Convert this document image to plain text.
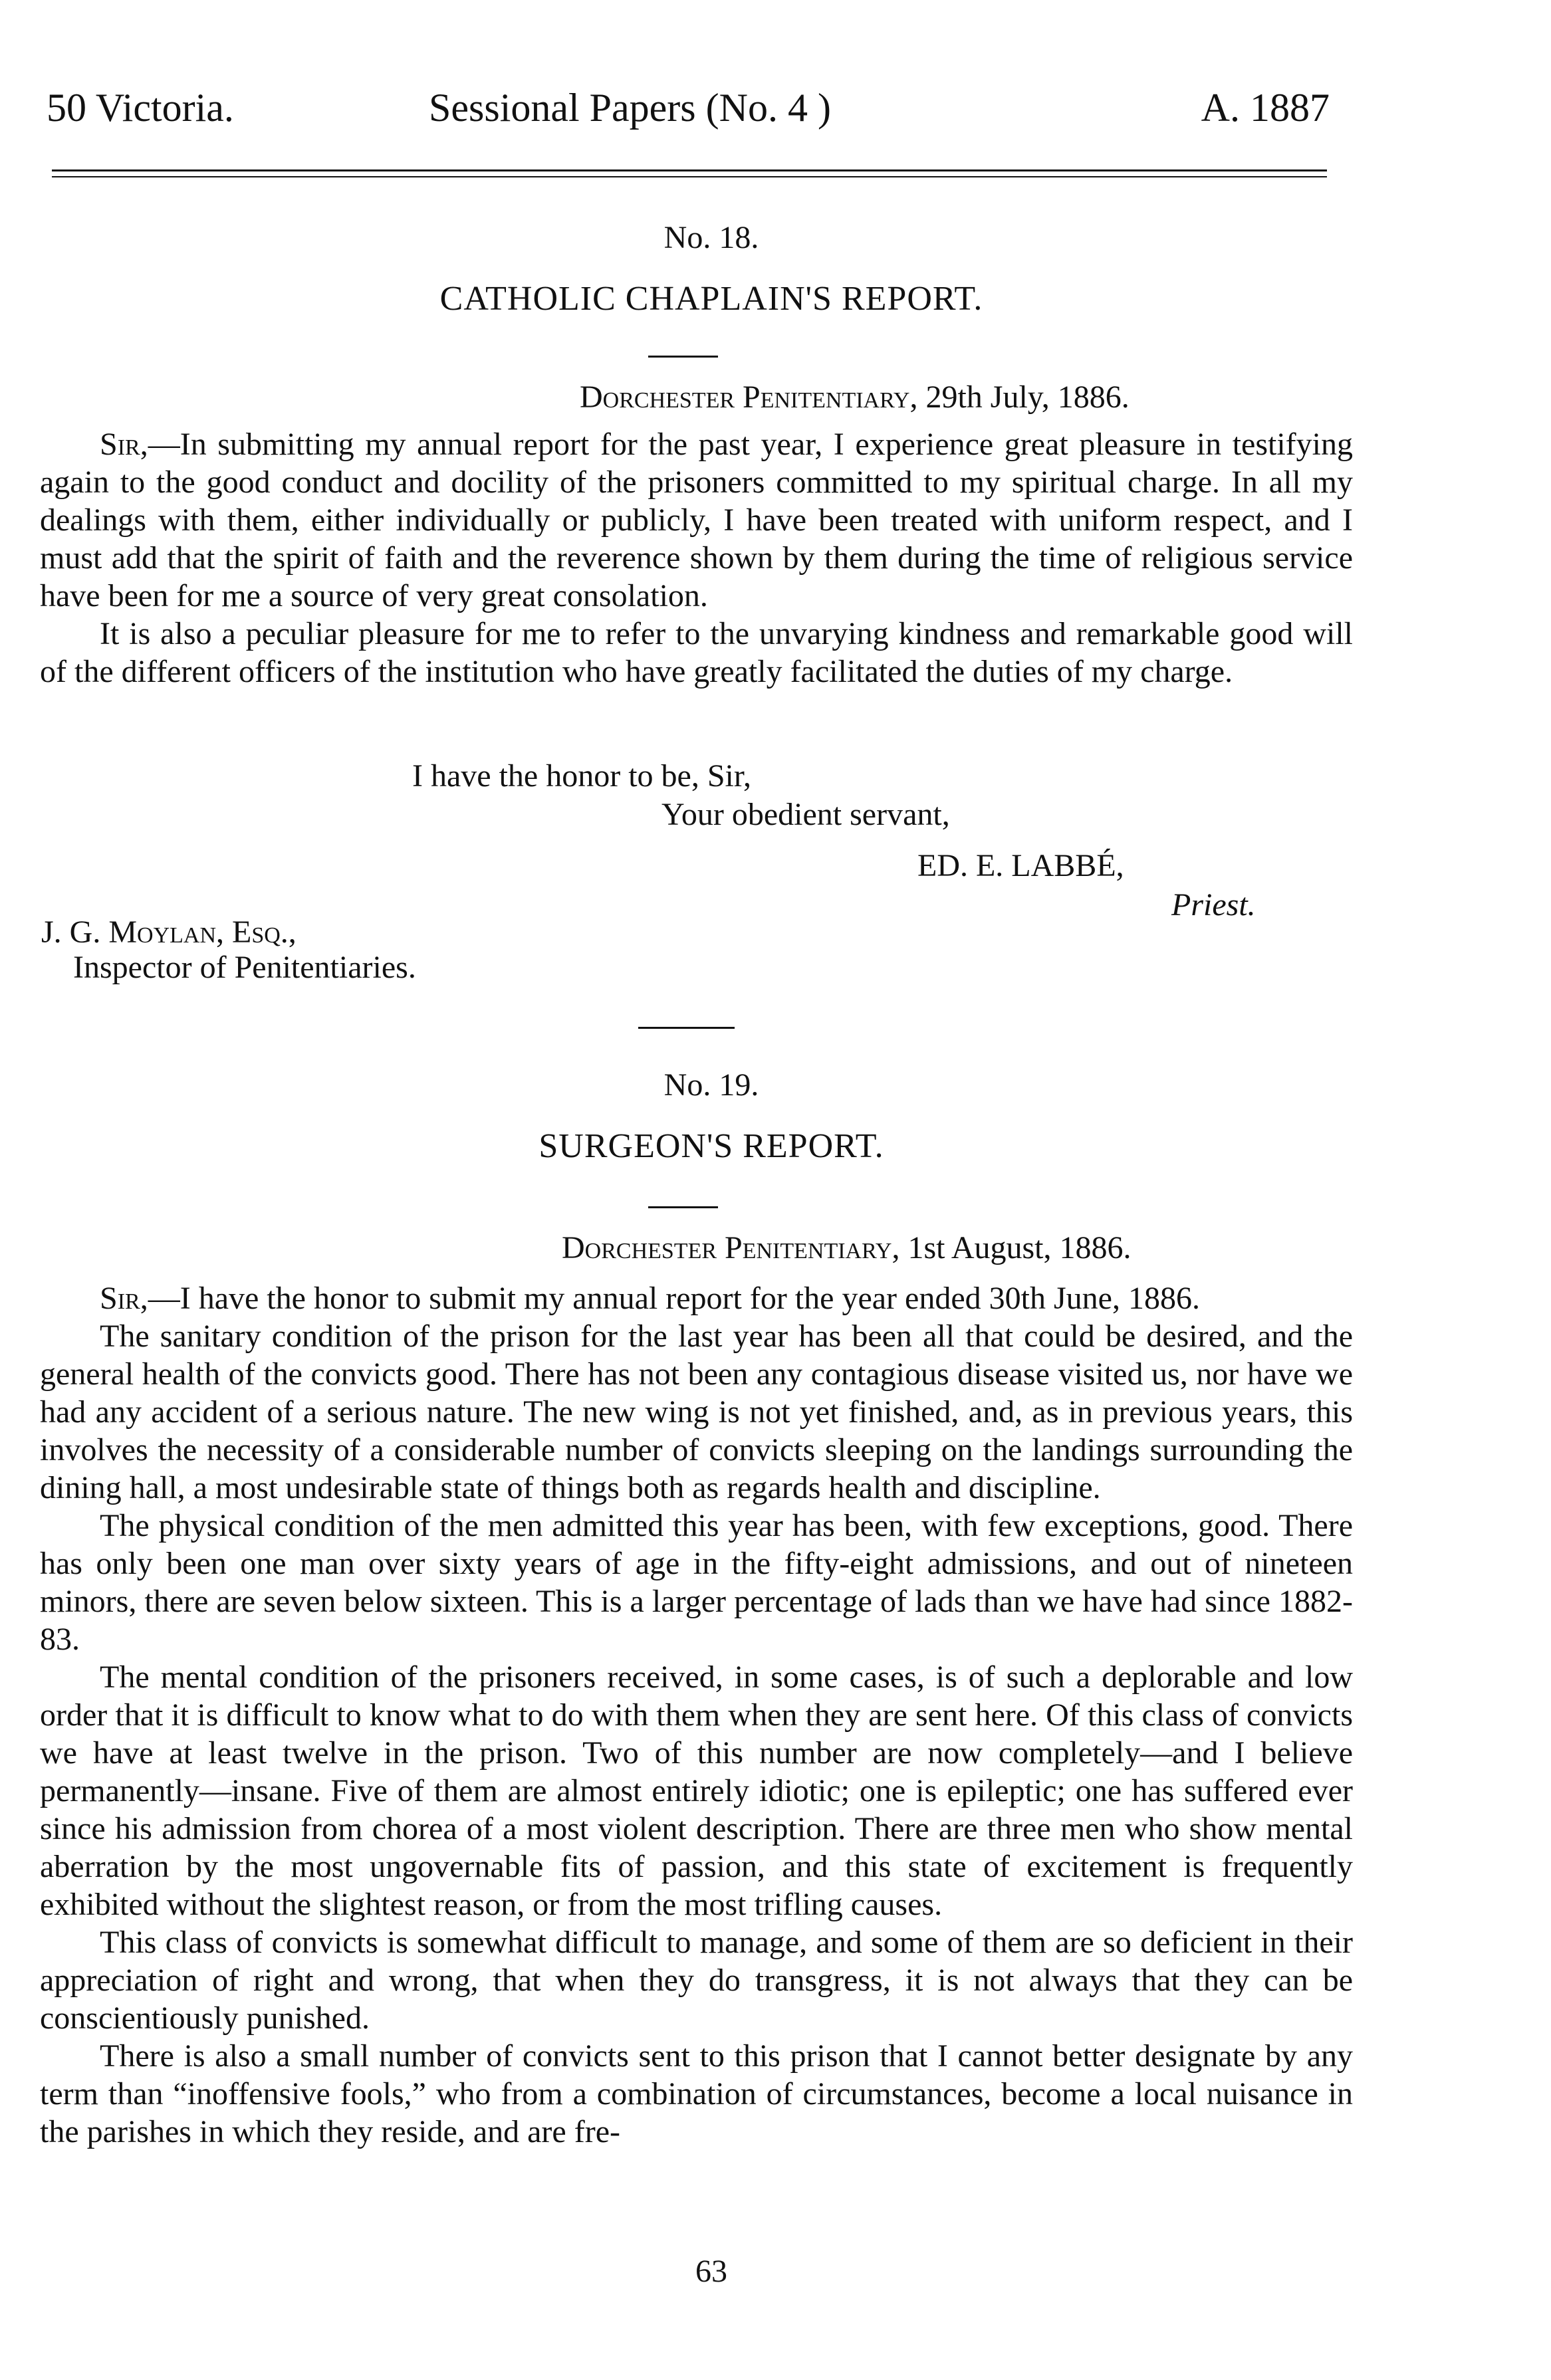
50 Victoria.	Sessional Papers (No. 4 )	A. 1887
No. 18.
CATHOLIC CHAPLAIN'S REPORT.
Dorchester Penitentiary, 29th July, 1886.

Sir,—In submitting my annual report for the past year, I experience great pleasure in testifying again to the good conduct and docility of the prisoners committed to my spiritual charge. In all my dealings with them, either individually or publicly, I have been treated with uniform respect, and I must add that the spirit of faith and the reverence shown by them during the time of religious service have been for me a source of very great consolation.

It is also a peculiar pleasure for me to refer to the unvarying kindness and remarkable good will of the different officers of the institution who have greatly facilitated the duties of my charge.

I have the honor to be, Sir,
Your obedient servant,
ED. E. LABBÉ,
Priest.
J. G. Moylan, Esq.,
Inspector of Penitentiaries.
No. 19.
SURGEON'S REPORT.
Dorchester Penitentiary, 1st August, 1886.

Sir,—I have the honor to submit my annual report for the year ended 30th June, 1886.

The sanitary condition of the prison for the last year has been all that could be desired, and the general health of the convicts good. There has not been any contagious disease visited us, nor have we had any accident of a serious nature. The new wing is not yet finished, and, as in previous years, this involves the necessity of a considerable number of convicts sleeping on the landings surrounding the dining hall, a most undesirable state of things both as regards health and discipline.

The physical condition of the men admitted this year has been, with few exceptions, good. There has only been one man over sixty years of age in the fifty-eight admissions, and out of nineteen minors, there are seven below sixteen. This is a larger percentage of lads than we have had since 1882-83.

The mental condition of the prisoners received, in some cases, is of such a deplorable and low order that it is difficult to know what to do with them when they are sent here. Of this class of convicts we have at least twelve in the prison. Two of this number are now completely—and I believe permanently—insane. Five of them are almost entirely idiotic; one is epileptic; one has suffered ever since his admission from chorea of a most violent description. There are three men who show mental aberration by the most ungovernable fits of passion, and this state of excitement is frequently exhibited without the slightest reason, or from the most trifling causes.

This class of convicts is somewhat difficult to manage, and some of them are so deficient in their appreciation of right and wrong, that when they do transgress, it is not always that they can be conscientiously punished.

There is also a small number of convicts sent to this prison that I cannot better designate by any term than “inoffensive fools,” who from a combination of circumstances, become a local nuisance in the parishes in which they reside, and are fre-

63
